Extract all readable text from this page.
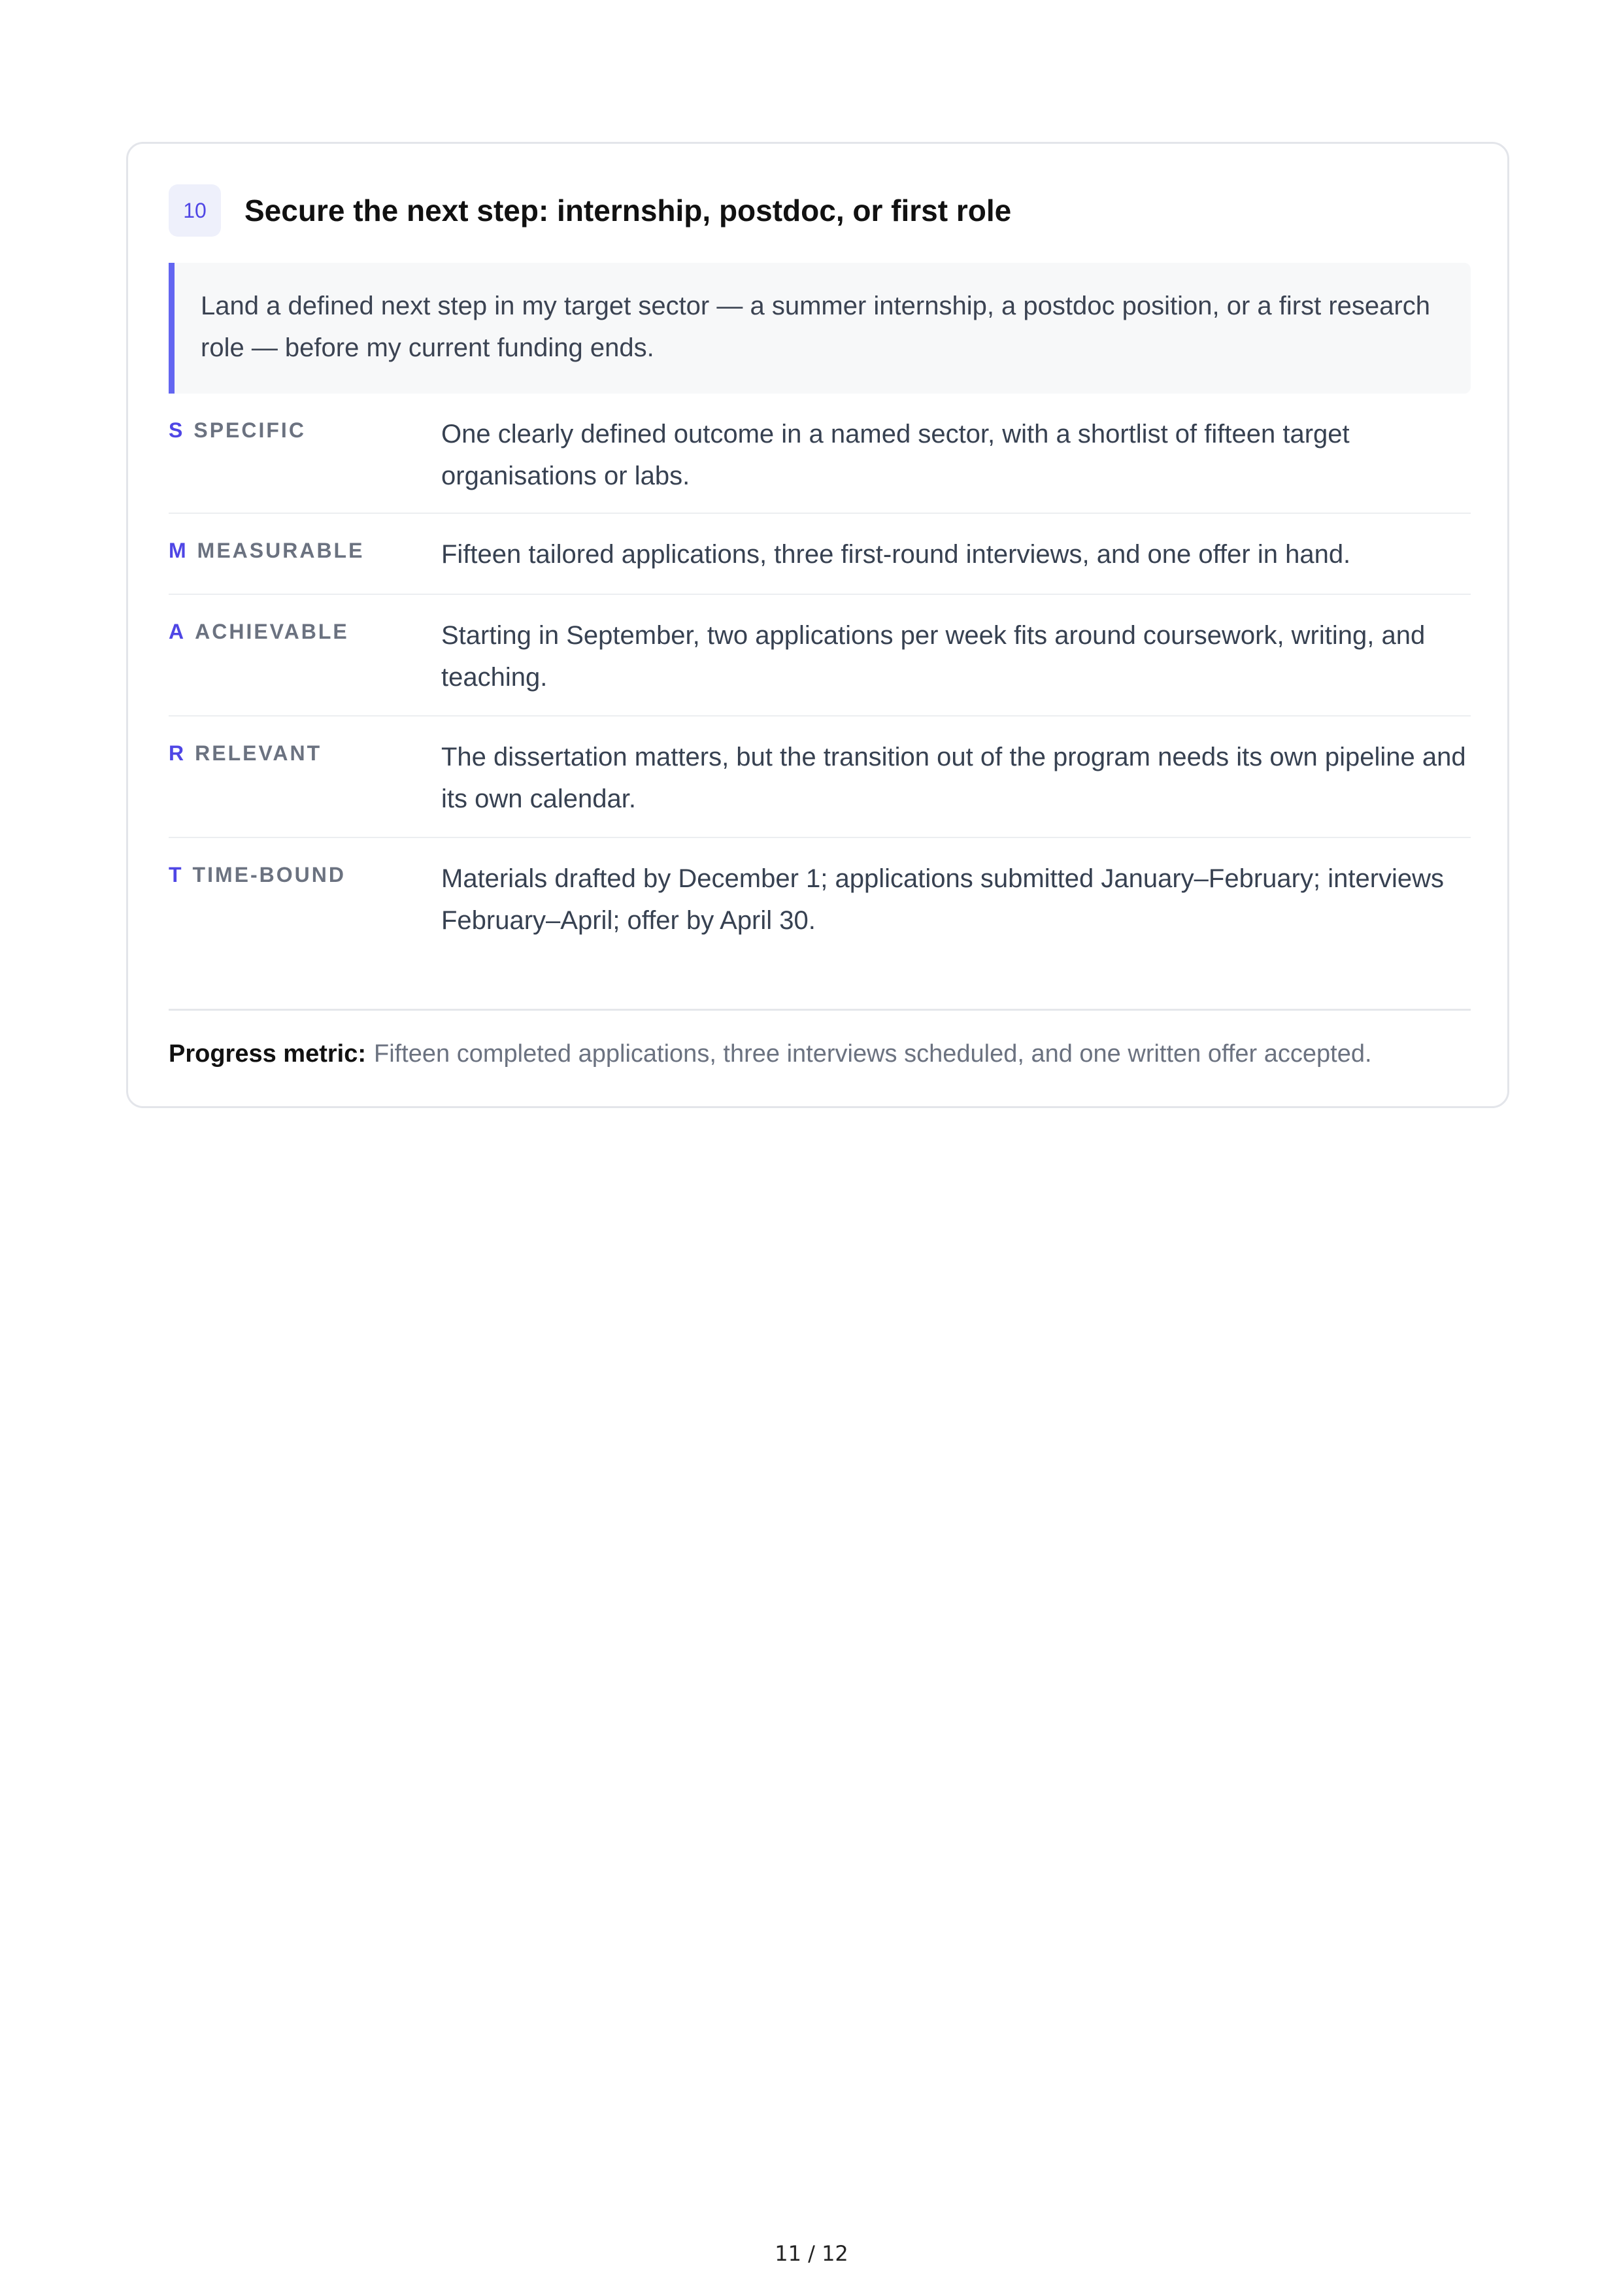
10	Secure the next step: internship, postdoc, or first role
Land a defined next step in my target sector — a summer internship, a postdoc position, or a first research role — before my current funding ends.
S SPECIFIC	One clearly defined outcome in a named sector, with a shortlist of fifteen target organisations or labs.
M MEASURABLE	Fifteen tailored applications, three first-round interviews, and one offer in hand.
A ACHIEVABLE	Starting in September, two applications per week fits around coursework, writing, and teaching.
R RELEVANT	The dissertation matters, but the transition out of the program needs its own pipeline and its own calendar.
T TIME-BOUND	Materials drafted by December 1; applications submitted January–February; interviews February–April; offer by April 30.
Progress metric: Fifteen completed applications, three interviews scheduled, and one written offer accepted.
11 / 12
